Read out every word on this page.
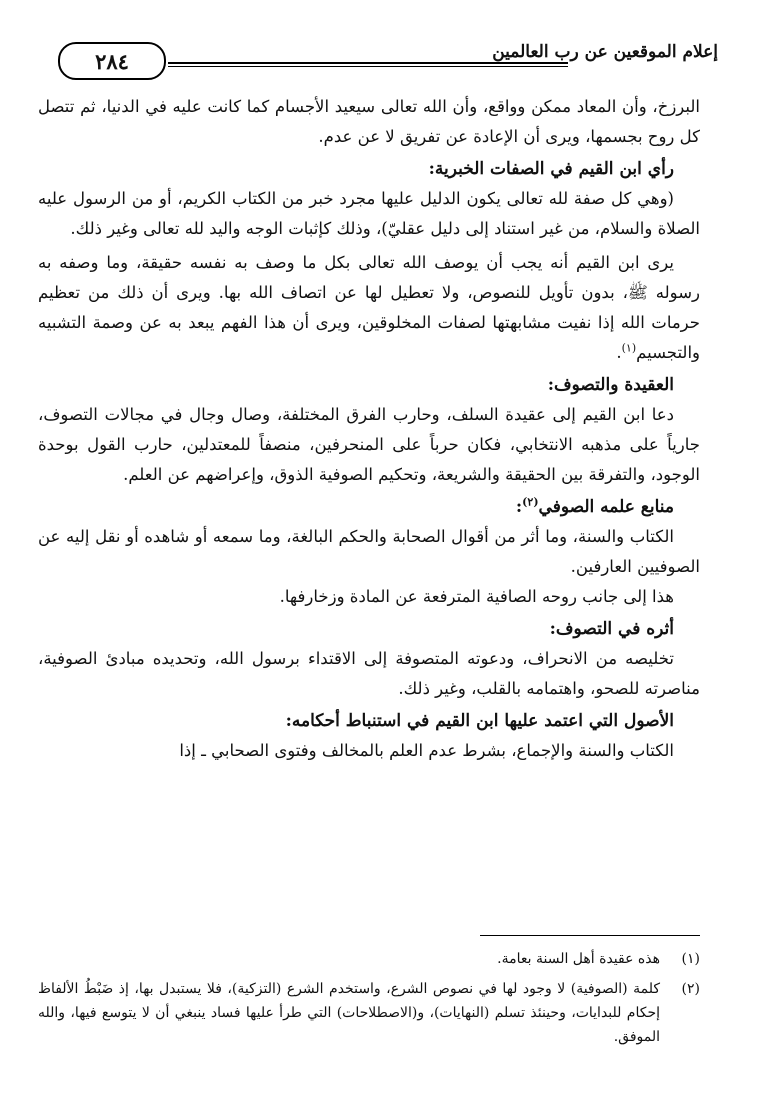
إعلام الموقعين عن رب العالمين
٢٨٤

البرزخ، وأن المعاد ممكن وواقع، وأن الله تعالى سيعيد الأجسام كما كانت عليه في الدنيا، ثم تتصل كل روح بجسمها، ويرى أن الإعادة عن تفريق لا عن عدم.

رأي ابن القيم في الصفات الخبرية:

(وهي كل صفة لله تعالى يكون الدليل عليها مجرد خبر من الكتاب الكريم، أو من الرسول عليه الصلاة والسلام، من غير استناد إلى دليل عقليّ)، وذلك كإثبات الوجه واليد لله تعالى وغير ذلك.

يرى ابن القيم أنه يجب أن يوصف الله تعالى بكل ما وصف به نفسه حقيقة، وما وصفه به رسوله ﷺ، بدون تأويل للنصوص، ولا تعطيل لها عن اتصاف الله بها. ويرى أن ذلك من تعظيم حرمات الله إذا نفيت مشابهتها لصفات المخلوقين، ويرى أن هذا الفهم يبعد به عن وصمة التشبيه والتجسيم$^{(١)}$.

العقيدة والتصوف:

دعا ابن القيم إلى عقيدة السلف، وحارب الفرق المختلفة، وصال وجال في مجالات التصوف، جارياً على مذهبه الانتخابي، فكان حرباً على المنحرفين، منصفاً للمعتدلين، حارب القول بوحدة الوجود، والتفرقة بين الحقيقة والشريعة، وتحكيم الصوفية الذوق، وإعراضهم عن العلم.

منابع علمه الصوفي$^{(٢)}$:

الكتاب والسنة، وما أثر من أقوال الصحابة والحكم البالغة، وما سمعه أو شاهده أو نقل إليه عن الصوفيين العارفين.

هذا إلى جانب روحه الصافية المترفعة عن المادة وزخارفها.

أثره في التصوف:

تخليصه من الانحراف، ودعوته المتصوفة إلى الاقتداء برسول الله، وتحديده مبادئ الصوفية، مناصرته للصحو، واهتمامه بالقلب، وغير ذلك.

الأصول التي اعتمد عليها ابن القيم في استنباط أحكامه:

الكتاب والسنة والإجماع، بشرط عدم العلم بالمخالف وفتوى الصحابي ـ إذا

(١)
هذه عقيدة أهل السنة بعامة.
(٢)
كلمة (الصوفية) لا وجود لها في نصوص الشرع، واستخدم الشرع (التزكية)، فلا يستبدل بها، إذ ضَبْطُ الألفاظ إحكام للبدايات، وحينئذ تسلم (النهايات)، و(الاصطلاحات) التي طرأ عليها فساد ينبغي أن لا يتوسع فيها، والله الموفق.
